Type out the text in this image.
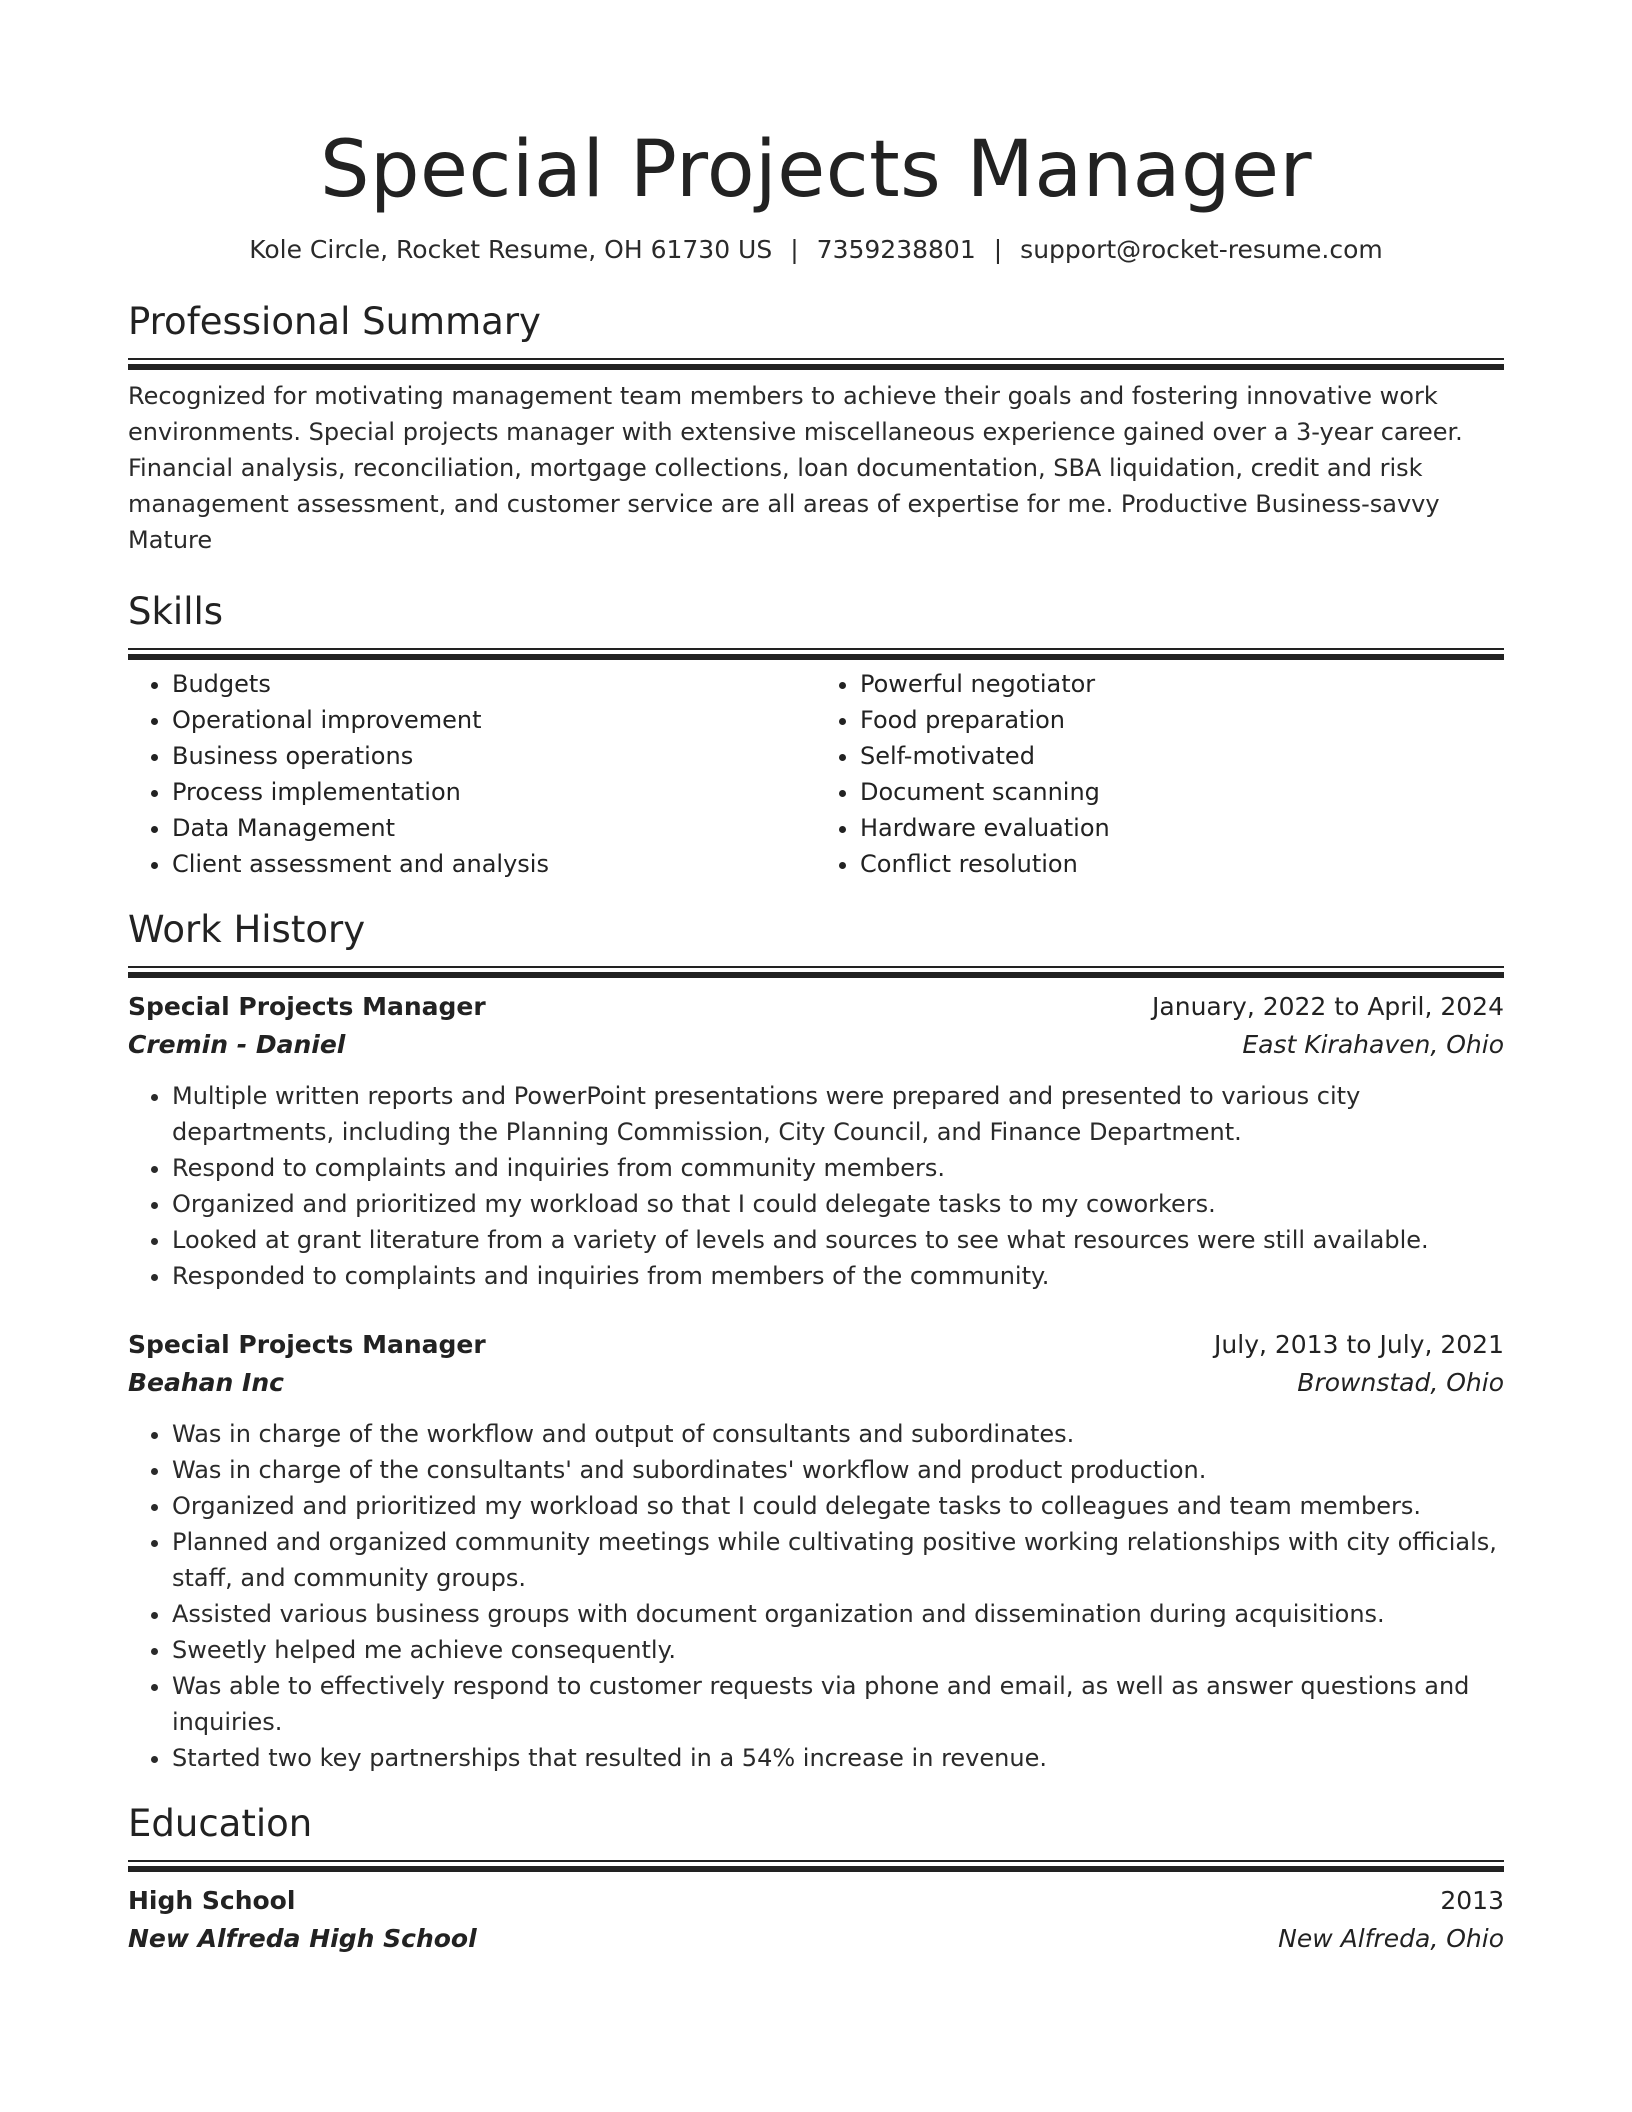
Special Projects Manager
Kole Circle, Rocket Resume, OH 61730 US | 7359238801 | support@rocket-resume.com
Professional Summary
Recognized for motivating management team members to achieve their goals and fostering innovative work environments. Special projects manager with extensive miscellaneous experience gained over a 3-year career. Financial analysis, reconciliation, mortgage collections, loan documentation, SBA liquidation, credit and risk management assessment, and customer service are all areas of expertise for me. Productive Business-savvy Mature
Skills
• Budgets
• Operational improvement
• Business operations
• Process implementation
• Data Management
• Client assessment and analysis
• Powerful negotiator
• Food preparation
• Self-motivated
• Document scanning
• Hardware evaluation
• Conflict resolution
Work History
Special Projects Manager	January, 2022 to April, 2024
Cremin - Daniel	East Kirahaven, Ohio
• Multiple written reports and PowerPoint presentations were prepared and presented to various city departments, including the Planning Commission, City Council, and Finance Department.
• Respond to complaints and inquiries from community members.
• Organized and prioritized my workload so that I could delegate tasks to my coworkers.
• Looked at grant literature from a variety of levels and sources to see what resources were still available.
• Responded to complaints and inquiries from members of the community.
Special Projects Manager	July, 2013 to July, 2021
Beahan Inc	Brownstad, Ohio
• Was in charge of the workflow and output of consultants and subordinates.
• Was in charge of the consultants' and subordinates' workflow and product production.
• Organized and prioritized my workload so that I could delegate tasks to colleagues and team members.
• Planned and organized community meetings while cultivating positive working relationships with city officials, staff, and community groups.
• Assisted various business groups with document organization and dissemination during acquisitions.
• Sweetly helped me achieve consequently.
• Was able to effectively respond to customer requests via phone and email, as well as answer questions and inquiries.
• Started two key partnerships that resulted in a 54% increase in revenue.
Education
High School	2013
New Alfreda High School	New Alfreda, Ohio
